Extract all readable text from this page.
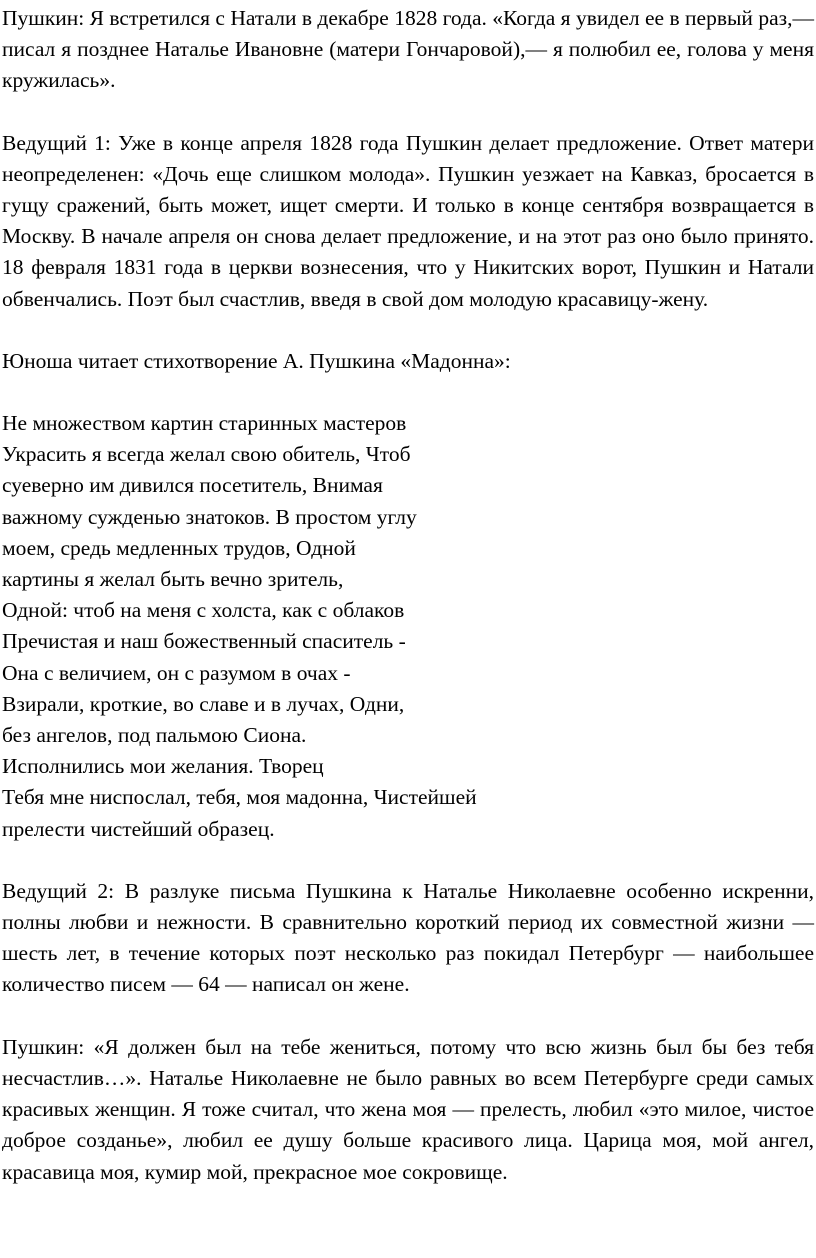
Пушкин: Я встретился с Натали в декабре 1828 года. «Когда я увидел ее в первый раз,— писал я позднее Наталье Ивановне (матери Гончаровой),— я полюбил ее, голова у меня кружилась».

Ведущий 1: Уже в конце апреля 1828 года Пушкин делает предложение. Ответ матери неопределенен: «Дочь еще слишком молода». Пушкин уезжает на Кавказ, бросается в гущу сражений, быть может, ищет смерти. И только в конце сентября возвращается в Москву. В начале апреля он снова делает предложение, и на этот раз оно было принято. 18 февраля 1831 года в церкви вознесения, что у Никитских ворот, Пушкин и Натали обвенчались. Поэт был счастлив, введя в свой дом молодую красавицу-жену.

Юноша читает стихотворение А. Пушкина «Мадонна»:

Не множеством картин старинных мастеров
Украсить я всегда желал свою обитель, Чтоб
суеверно им дивился посетитель, Внимая
важному сужденью знатоков. В простом углу
моем, средь медленных трудов, Одной
картины я желал быть вечно зритель,
Одной: чтоб на меня с холста, как с облаков
Пречистая и наш божественный спаситель -
Она с величием, он с разумом в очах -
Взирали, кроткие, во славе и в лучах, Одни,
без ангелов, под пальмою Сиона.
Исполнились мои желания. Творец
Тебя мне ниспослал, тебя, моя мадонна, Чистейшей
прелести чистейший образец.

Ведущий 2: В разлуке письма Пушкина к Наталье Николаевне особенно искренни, полны любви и нежности. В сравнительно короткий период их совместной жизни — шесть лет, в течение которых поэт несколько раз покидал Петербург — наибольшее количество писем — 64 — написал он жене.

Пушкин: «Я должен был на тебе жениться, потому что всю жизнь был бы без тебя несчастлив…». Наталье Николаевне не было равных во всем Петербурге среди самых красивых женщин. Я тоже считал, что жена моя — прелесть, любил «это милое, чистое доброе созданье», любил ее душу больше красивого лица. Царица моя, мой ангел, красавица моя, кумир мой, прекрасное мое сокровище.
